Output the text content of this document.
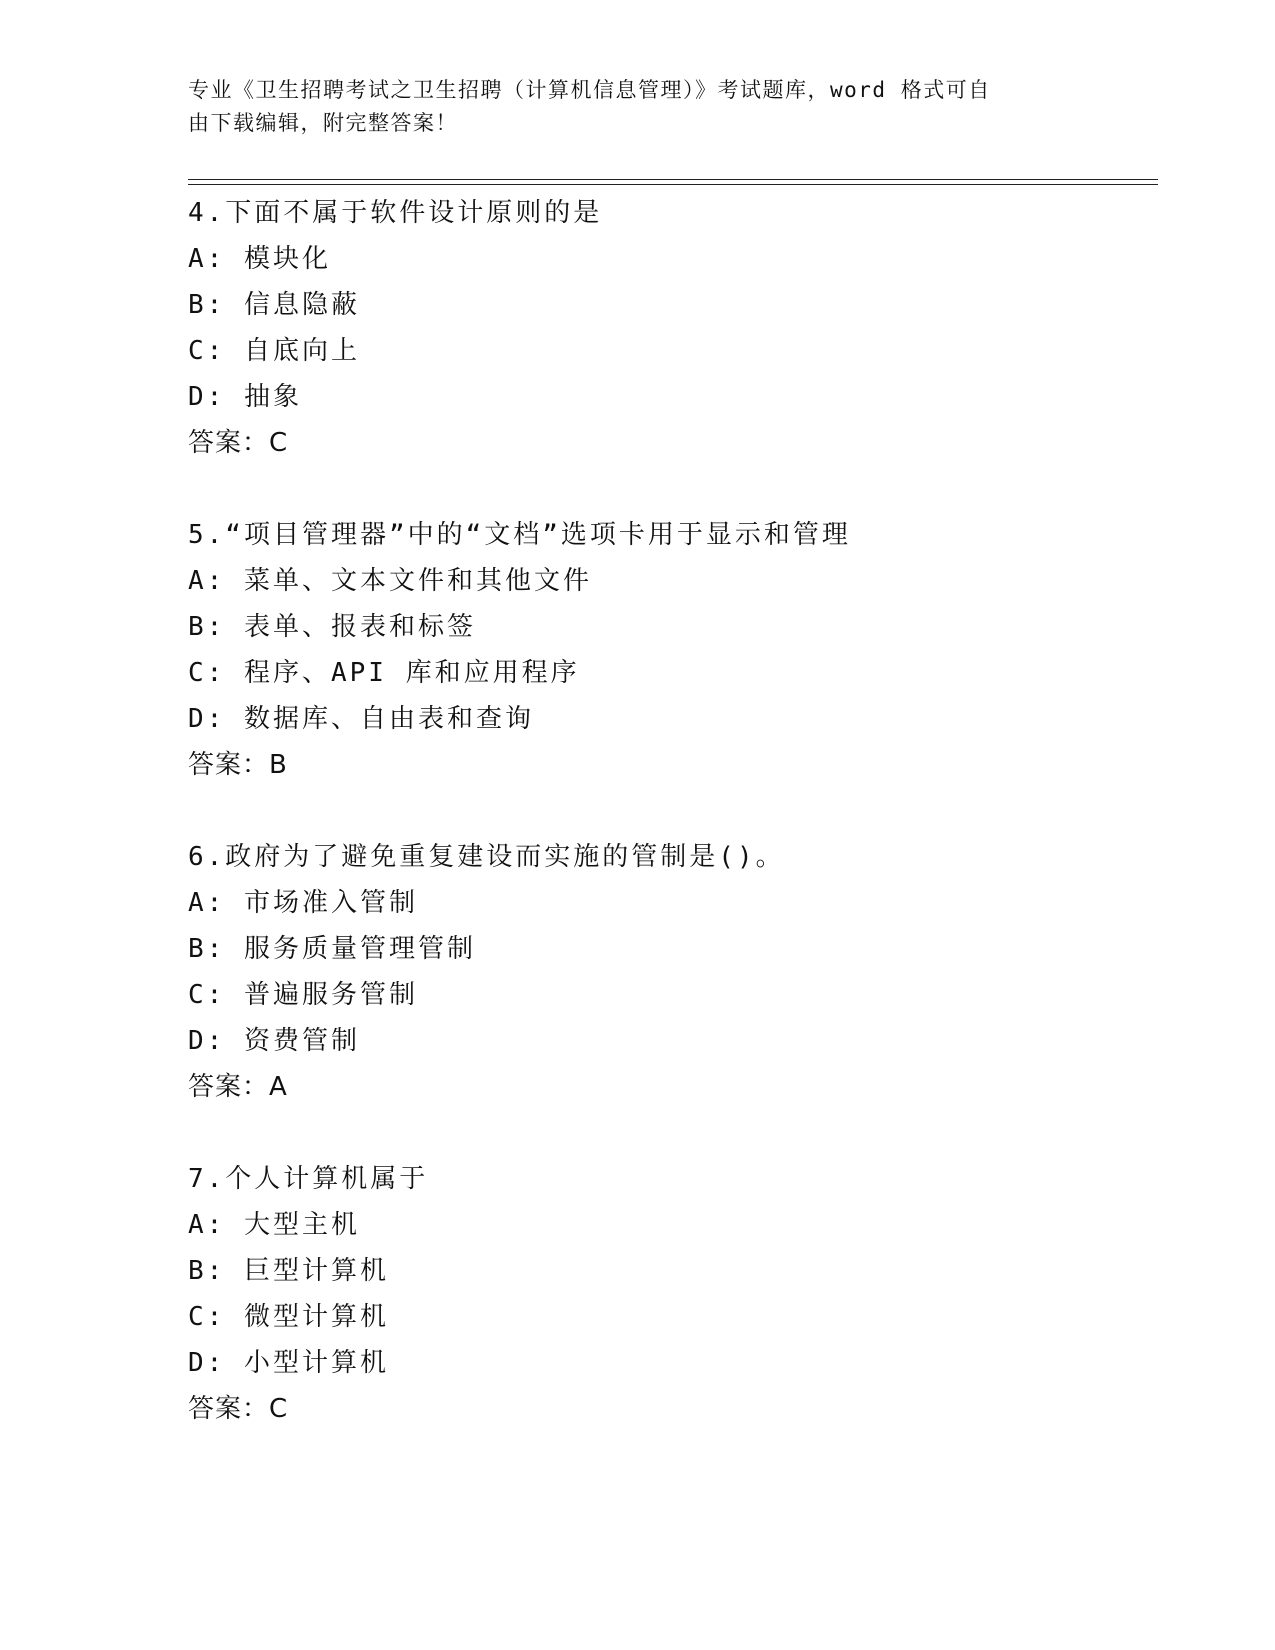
专业《卫生招聘考试之卫生招聘（计算机信息管理）》考试题库，word 格式可自
由下载编辑，附完整答案！
4.下面不属于软件设计原则的是
A: 模块化
B: 信息隐蔽
C: 自底向上
D: 抽象
答案：C
5.“项目管理器”中的“文档”选项卡用于显示和管理
A: 菜单、文本文件和其他文件
B: 表单、报表和标签
C: 程序、API 库和应用程序
D: 数据库、自由表和查询
答案：B
6.政府为了避免重复建设而实施的管制是()。
A: 市场准入管制
B: 服务质量管理管制
C: 普遍服务管制
D: 资费管制
答案：A
7.个人计算机属于
A: 大型主机
B: 巨型计算机
C: 微型计算机
D: 小型计算机
答案：C
